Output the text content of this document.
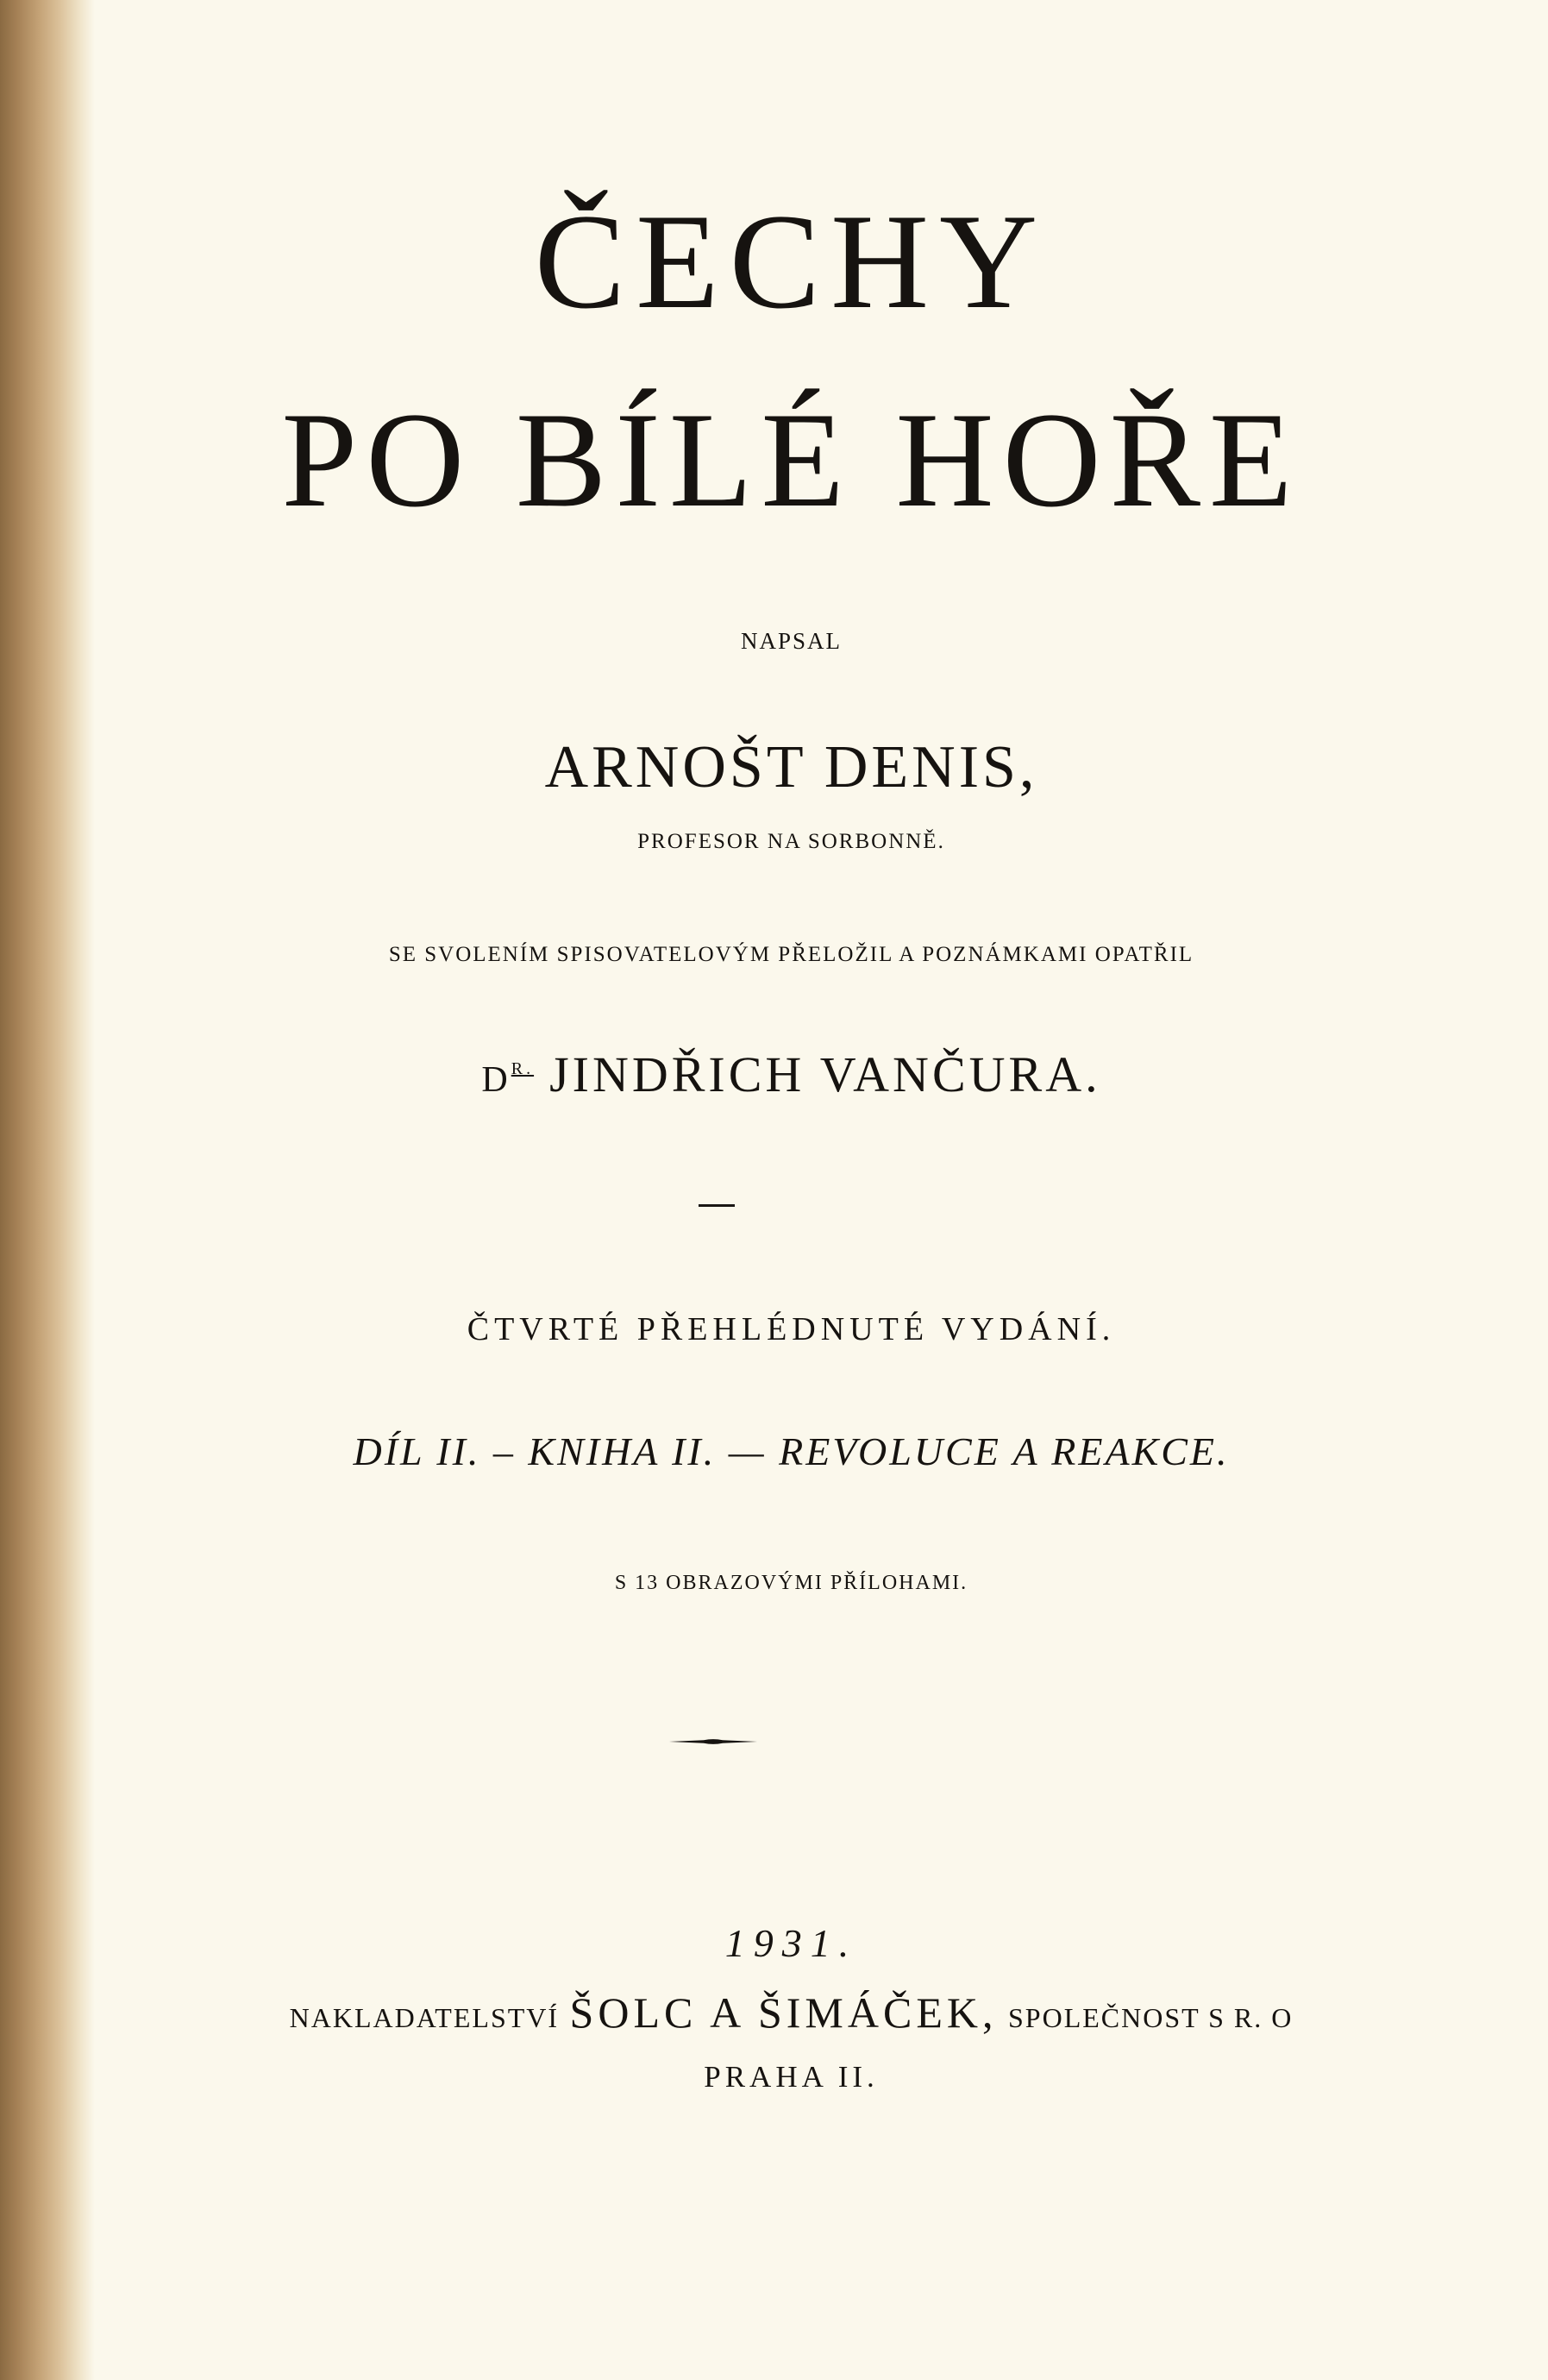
ČECHY
PO BÍLÉ HOŘE
NAPSAL
ARNOŠT DENIS,
PROFESOR NA SORBONNĚ.
SE SVOLENÍM SPISOVATELOVÝM PŘELOŽIL A POZNÁMKAMI OPATŘIL
$D^{R.}$ JINDŘICH VANČURA.
ČTVRTÉ PŘEHLÉDNUTÉ VYDÁNÍ.
DÍL II. – KNIHA II. — REVOLUCE A REAKCE.
S 13 OBRAZOVÝMI PŘÍLOHAMI.
1931.
NAKLADATELSTVÍ ŠOLC A ŠIMÁČEK, SPOLEČNOST S R. O
PRAHA II.
